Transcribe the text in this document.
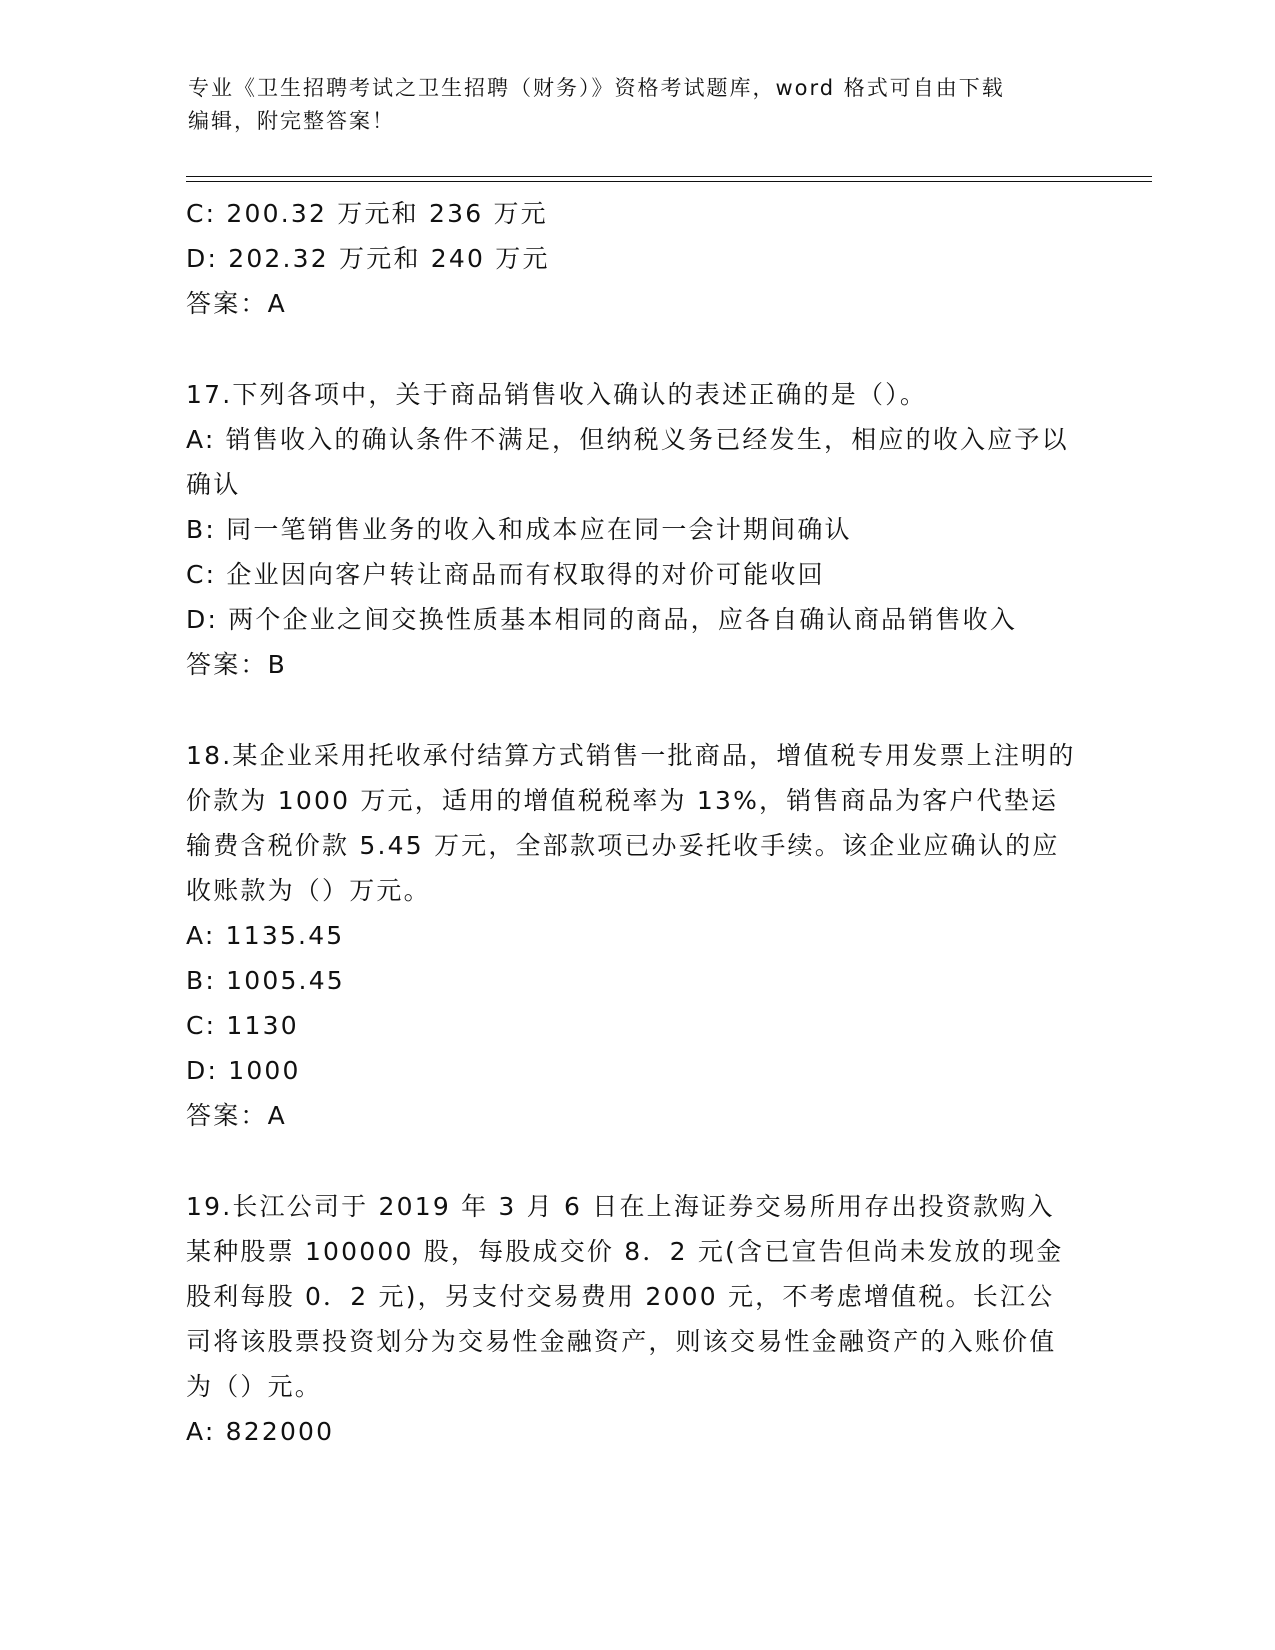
专业《卫生招聘考试之卫生招聘（财务）》资格考试题库，word 格式可自由下载
编辑，附完整答案！
C: 200.32 万元和 236 万元
D: 202.32 万元和 240 万元
答案：A
17.下列各项中，关于商品销售收入确认的表述正确的是（）。
A: 销售收入的确认条件不满足，但纳税义务已经发生，相应的收入应予以确认
B: 同一笔销售业务的收入和成本应在同一会计期间确认
C: 企业因向客户转让商品而有权取得的对价可能收回
D: 两个企业之间交换性质基本相同的商品，应各自确认商品销售收入
答案：B
18.某企业采用托收承付结算方式销售一批商品，增值税专用发票上注明的价款为 1000 万元，适用的增值税税率为 13%，销售商品为客户代垫运输费含税价款 5.45 万元，全部款项已办妥托收手续。该企业应确认的应收账款为（）万元。
A: 1135.45
B: 1005.45
C: 1130
D: 1000
答案：A
19.长江公司于 2019 年 3 月 6 日在上海证券交易所用存出投资款购入某种股票 100000 股，每股成交价 8．2 元(含已宣告但尚未发放的现金股利每股 0．2 元)，另支付交易费用 2000 元，不考虑增值税。长江公司将该股票投资划分为交易性金融资产，则该交易性金融资产的入账价值为（）元。
A: 822000
